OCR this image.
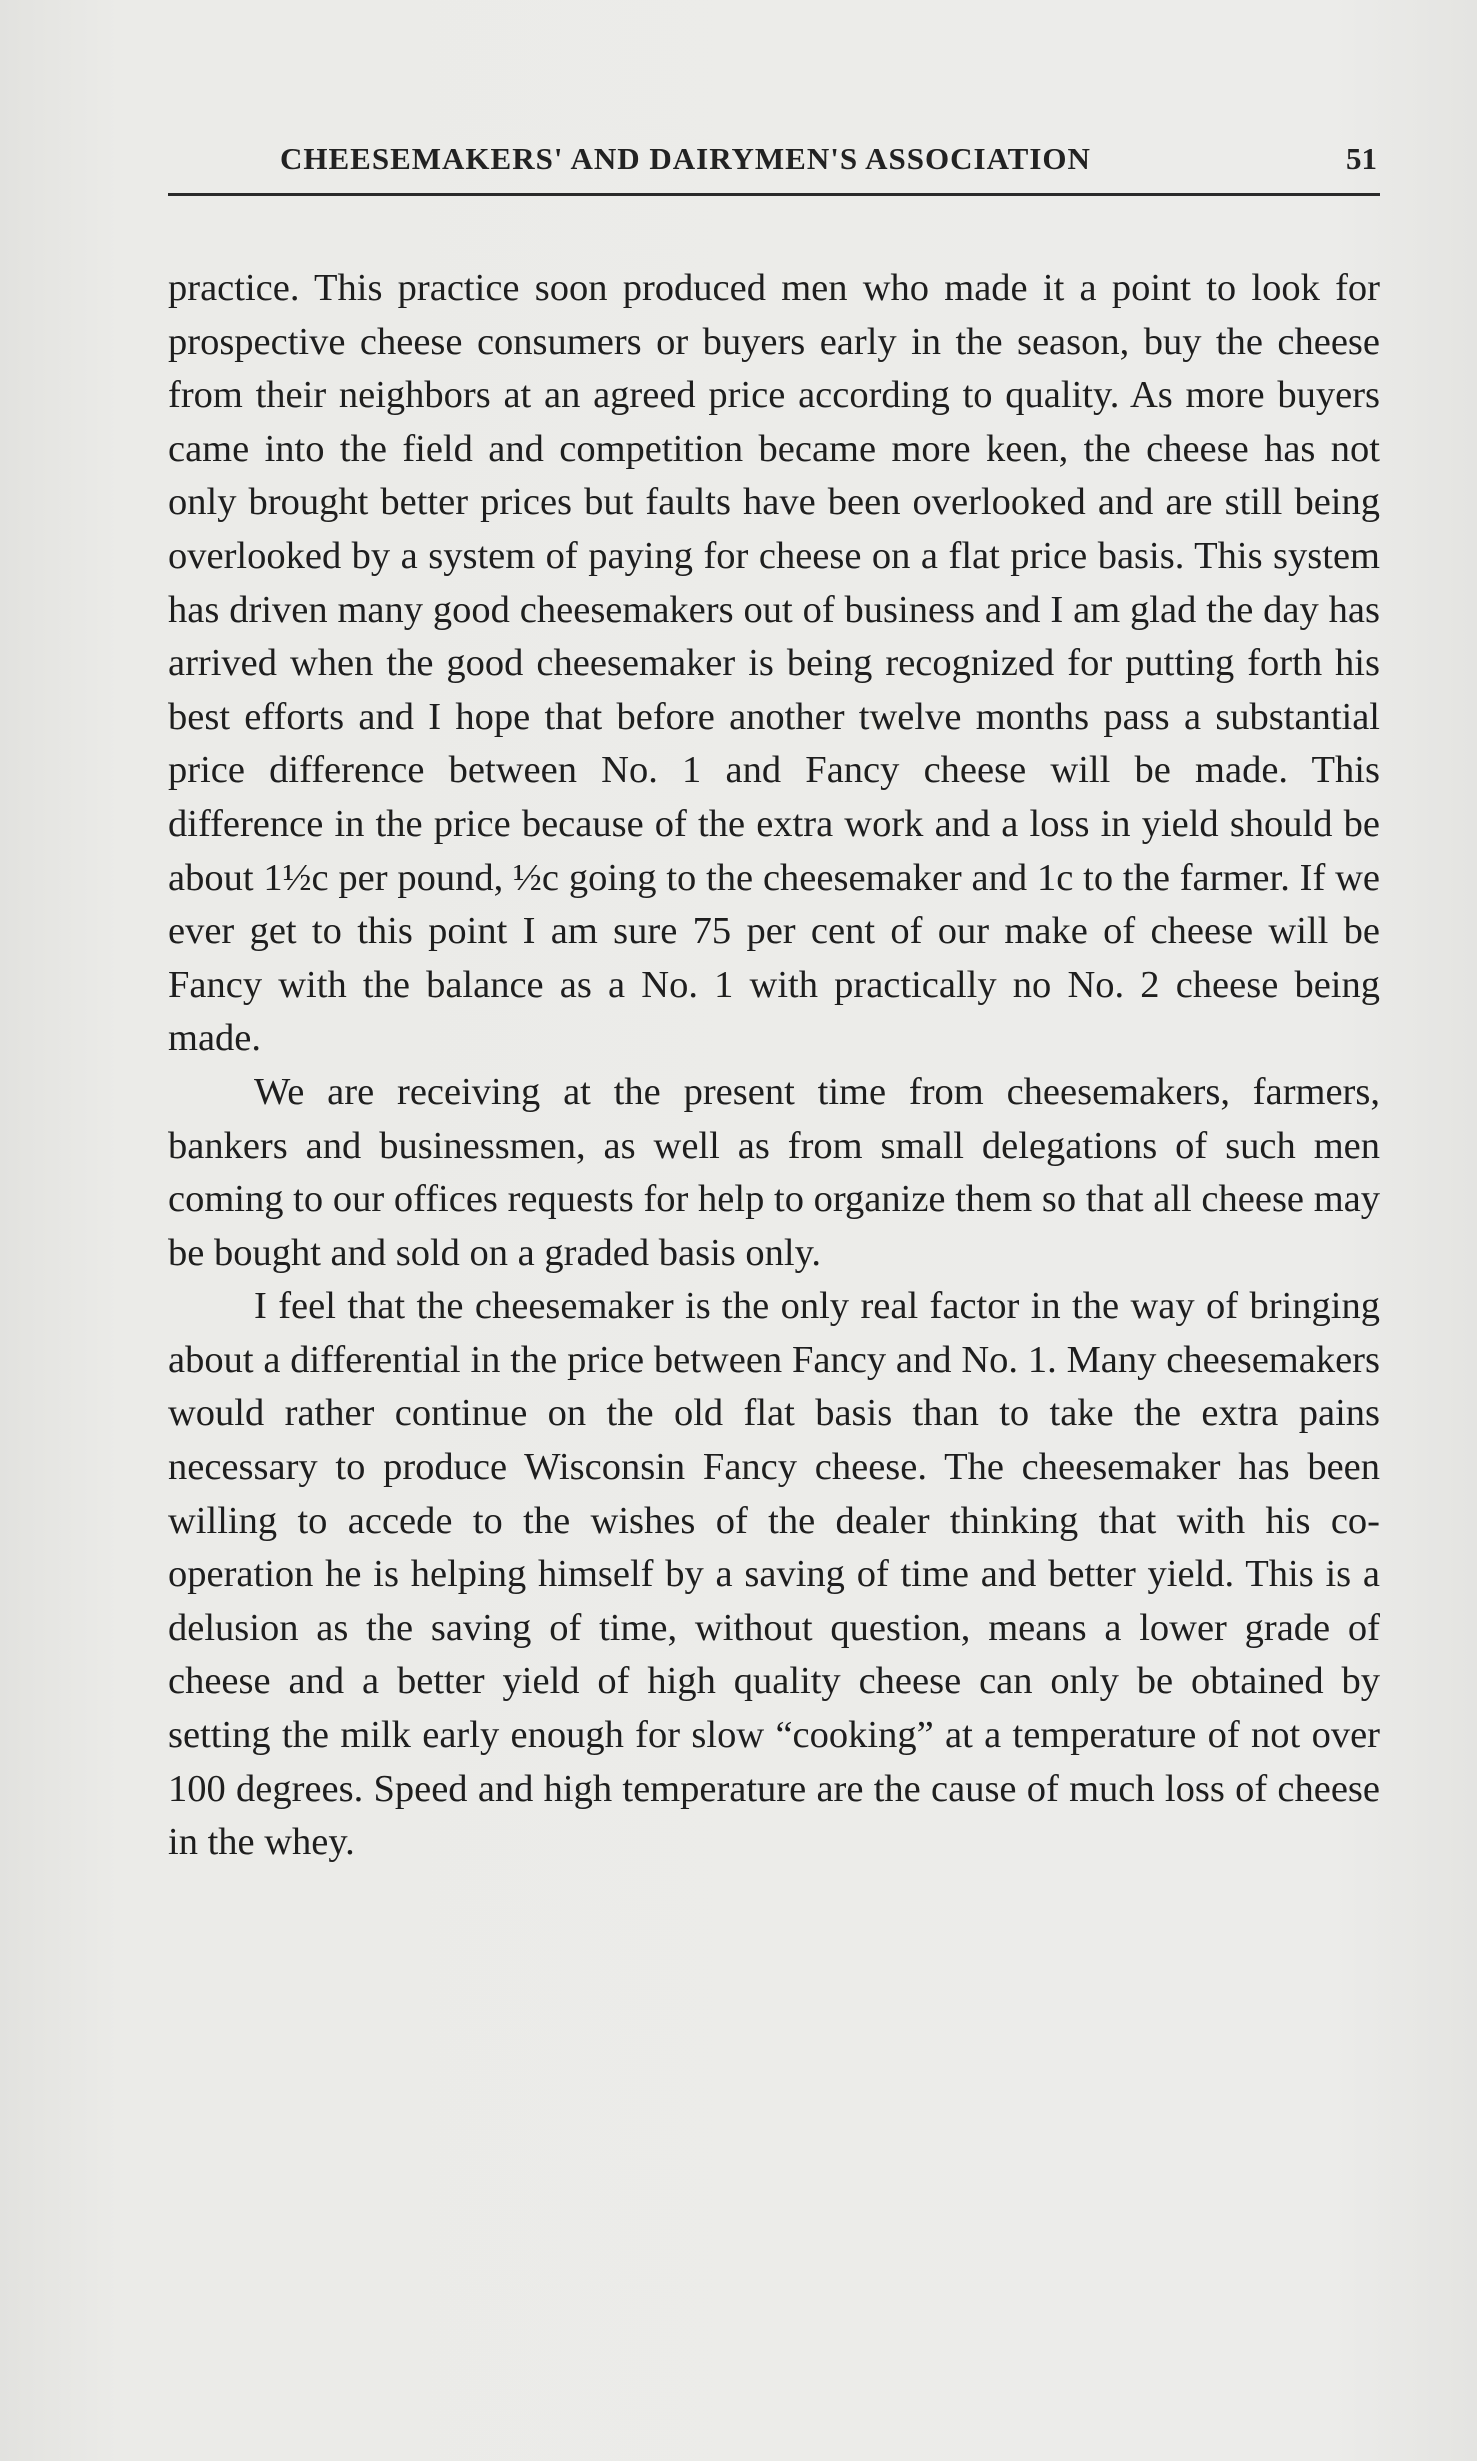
CHEESEMAKERS' AND DAIRYMEN'S ASSOCIATION	51

practice. This practice soon produced men who made it a point to look for prospective cheese consumers or buyers early in the season, buy the cheese from their neighbors at an agreed price according to quality. As more buyers came into the field and competition became more keen, the cheese has not only brought better prices but faults have been overlooked and are still being overlooked by a system of paying for cheese on a flat price basis. This system has driven many good cheesemakers out of business and I am glad the day has arrived when the good cheesemaker is being recognized for putting forth his best efforts and I hope that before another twelve months pass a substantial price difference between No. 1 and Fancy cheese will be made. This difference in the price because of the extra work and a loss in yield should be about 1½c per pound, ½c going to the cheesemaker and 1c to the farmer. If we ever get to this point I am sure 75 per cent of our make of cheese will be Fancy with the balance as a No. 1 with practically no No. 2 cheese being made.

We are receiving at the present time from cheesemakers, farmers, bankers and businessmen, as well as from small delegations of such men coming to our offices requests for help to organize them so that all cheese may be bought and sold on a graded basis only.

I feel that the cheesemaker is the only real factor in the way of bringing about a differential in the price between Fancy and No. 1. Many cheesemakers would rather continue on the old flat basis than to take the extra pains necessary to produce Wisconsin Fancy cheese. The cheesemaker has been willing to accede to the wishes of the dealer thinking that with his co-operation he is helping himself by a saving of time and better yield. This is a delusion as the saving of time, without question, means a lower grade of cheese and a better yield of high quality cheese can only be obtained by setting the milk early enough for slow “cooking” at a temperature of not over 100 degrees. Speed and high temperature are the cause of much loss of cheese in the whey.
